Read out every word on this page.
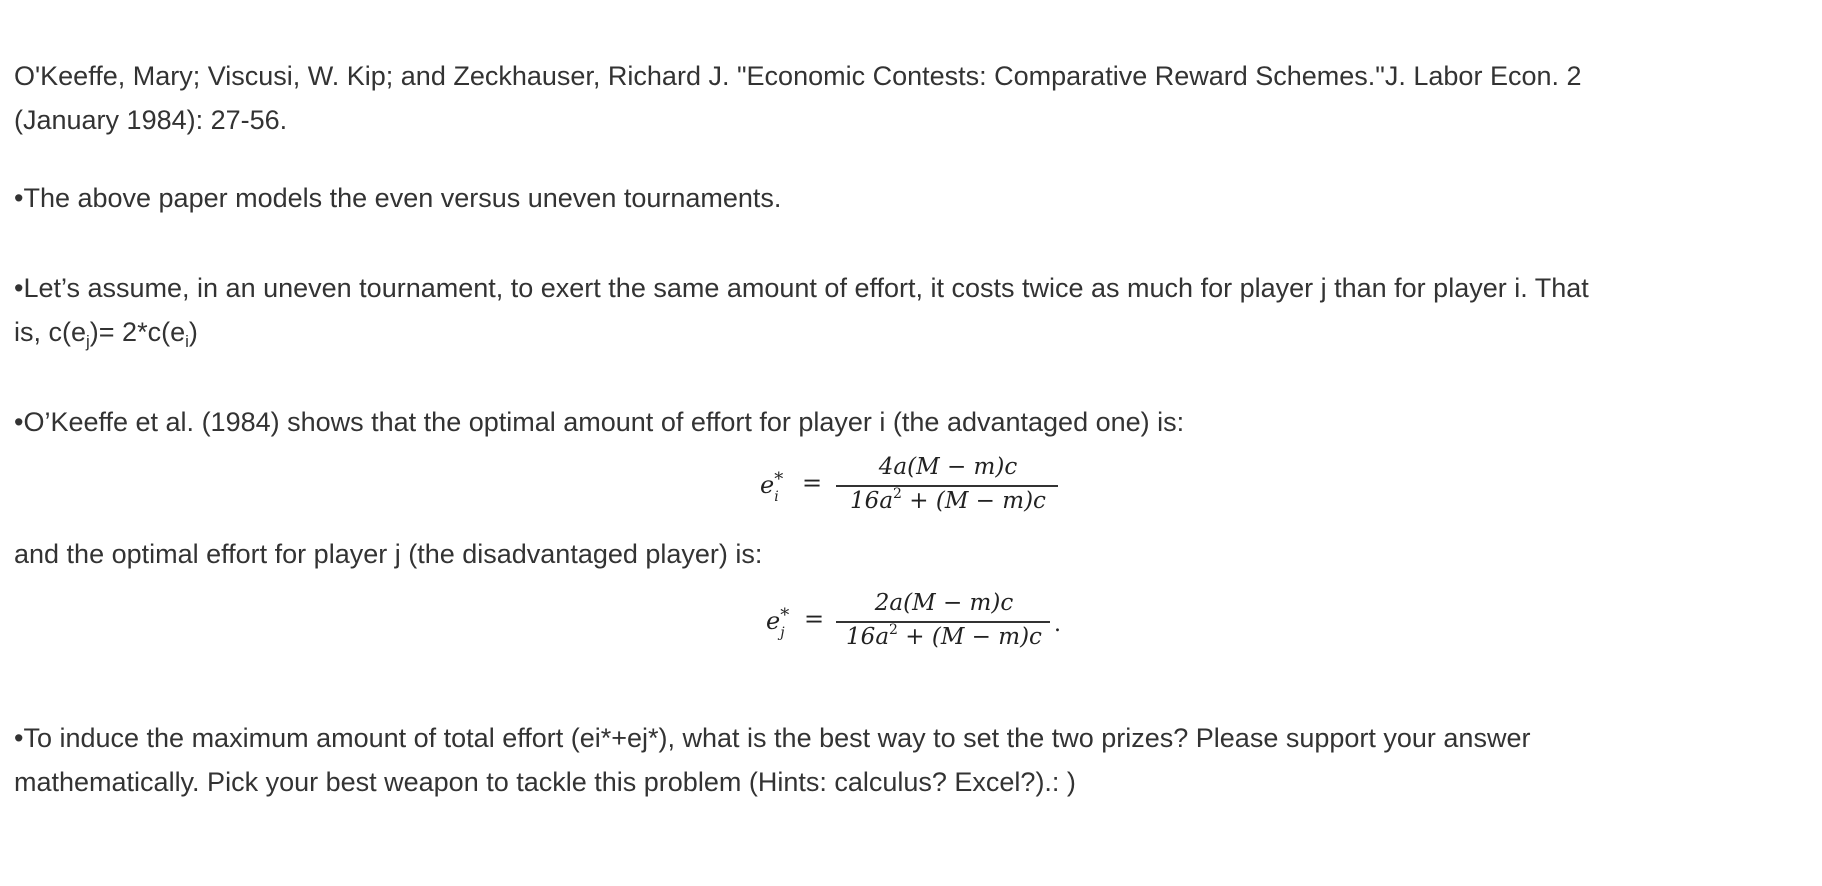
O'Keeffe, Mary; Viscusi, W. Kip; and Zeckhauser, Richard J. "Economic Contests: Comparative Reward Schemes."J. Labor Econ. 2
(January 1984): 27-56.
•The above paper models the even versus uneven tournaments.
•Let’s assume, in an uneven tournament, to exert the same amount of effort, it costs twice as much for player j than for player i. That
is, $c(e_j)= 2*c(e_i)$
•O’Keeffe et al. (1984) shows that the optimal amount of effort for player i (the advantaged one) is:
$e^*_i$ =
4a(M − m)c
$16a^2 + (M - m)c$
and the optimal effort for player j (the disadvantaged player) is:
$e^*_j$ =
2a(M − m)c
$16a^2 + (M - m)c$ .
•To induce the maximum amount of total effort (ei*+ej*), what is the best way to set the two prizes? Please support your answer
mathematically. Pick your best weapon to tackle this problem (Hints: calculus? Excel?).: )
